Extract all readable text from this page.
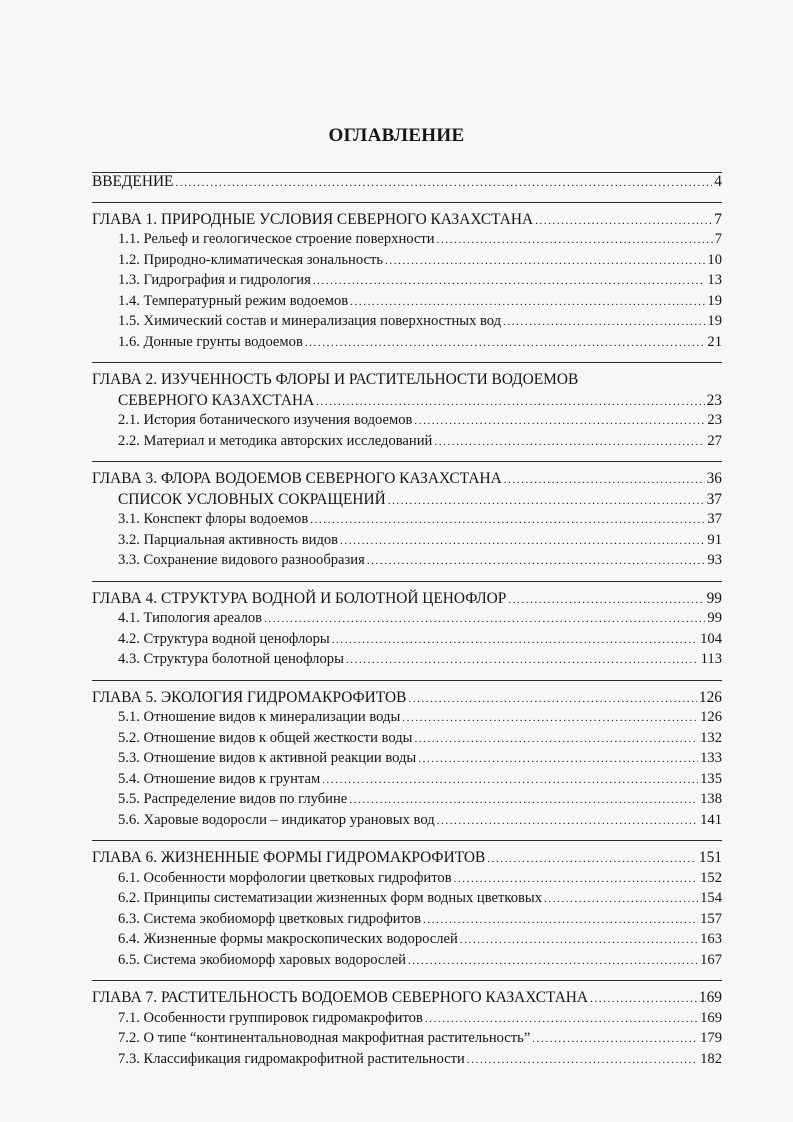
ОГЛАВЛЕНИЕ
ВВЕДЕНИЕ .....	4
ГЛАВА 1. ПРИРОДНЫЕ УСЛОВИЯ СЕВЕРНОГО КАЗАХСТАНА .....	7
1.1. Рельеф и геологическое строение поверхности .....	7
1.2. Природно-климатическая зональность .....	10
1.3. Гидрография и гидрология .....	13
1.4. Температурный режим водоемов .....	19
1.5. Химический состав и минерализация поверхностных вод .....	19
1.6. Донные грунты водоемов .....	21
ГЛАВА 2. ИЗУЧЕННОСТЬ ФЛОРЫ И РАСТИТЕЛЬНОСТИ ВОДОЕМОВ
СЕВЕРНОГО КАЗАХСТАНА .....	23
2.1. История ботанического изучения водоемов .....	23
2.2. Материал и методика авторских исследований .....	27
ГЛАВА 3. ФЛОРА ВОДОЕМОВ СЕВЕРНОГО КАЗАХСТАНА .....	36
СПИСОК УСЛОВНЫХ СОКРАЩЕНИЙ .....	37
3.1. Конспект флоры водоемов .....	37
3.2. Парциальная активность видов .....	91
3.3. Сохранение видового разнообразия .....	93
ГЛАВА 4. СТРУКТУРА ВОДНОЙ И БОЛОТНОЙ ЦЕНОФЛОР .....	99
4.1. Типология ареалов .....	99
4.2. Структура водной ценофлоры .....	104
4.3. Структура болотной ценофлоры .....	113
ГЛАВА 5. ЭКОЛОГИЯ ГИДРОМАКРОФИТОВ .....	126
5.1. Отношение видов к минерализации воды .....	126
5.2. Отношение видов к общей жесткости воды .....	132
5.3. Отношение видов к активной реакции воды .....	133
5.4. Отношение видов к грунтам .....	135
5.5. Распределение видов по глубине .....	138
5.6. Харовые водоросли – индикатор урановых вод .....	141
ГЛАВА 6. ЖИЗНЕННЫЕ ФОРМЫ ГИДРОМАКРОФИТОВ .....	151
6.1. Особенности морфологии цветковых гидрофитов .....	152
6.2. Принципы систематизации жизненных форм водных цветковых .....	154
6.3. Система экобиоморф цветковых гидрофитов .....	157
6.4. Жизненные формы макроскопических водорослей .....	163
6.5. Система экобиоморф харовых водорослей .....	167
ГЛАВА 7. РАСТИТЕЛЬНОСТЬ ВОДОЕМОВ СЕВЕРНОГО КАЗАХСТАНА .....	169
7.1. Особенности группировок гидромакрофитов .....	169
7.2. О типе “континентальноводная макрофитная растительность” .....	179
7.3. Классификация гидромакрофитной растительности .....	182
